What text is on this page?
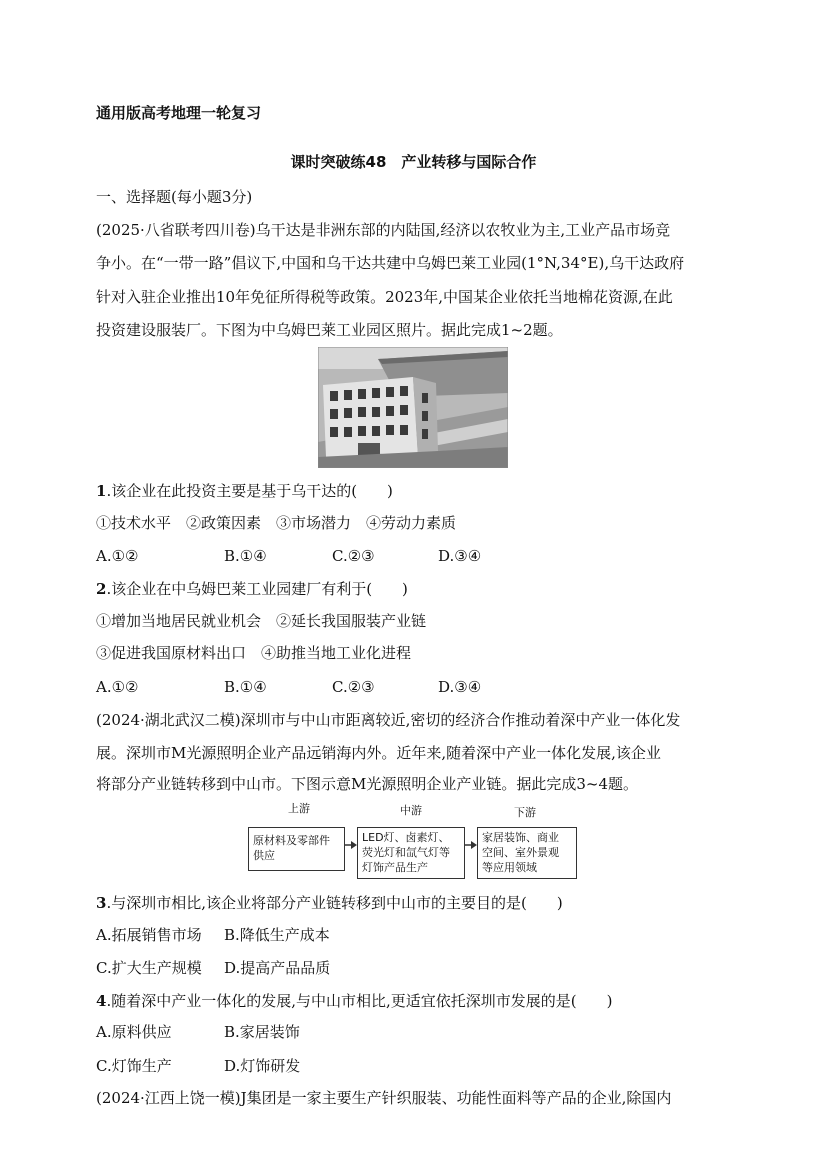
通用版高考地理一轮复习
课时突破练48　产业转移与国际合作
一、选择题(每小题3分)
(2025·八省联考四川卷)乌干达是非洲东部的内陆国,经济以农牧业为主,工业产品市场竞
争小。在“一带一路”倡议下,中国和乌干达共建中乌姆巴莱工业园(1°N,34°E),乌干达政府
针对入驻企业推出10年免征所得税等政策。2023年,中国某企业依托当地棉花资源,在此
投资建设服装厂。下图为中乌姆巴莱工业园区照片。据此完成1~2题。
1.该企业在此投资主要是基于乌干达的(　　)
①技术水平　②政策因素　③市场潜力　④劳动力素质
A.①②	B.①④	C.②③	D.③④
2.该企业在中乌姆巴莱工业园建厂有利于(　　)
①增加当地居民就业机会　②延长我国服装产业链
③促进我国原材料出口　④助推当地工业化进程
A.①②	B.①④	C.②③	D.③④
(2024·湖北武汉二模)深圳市与中山市距离较近,密切的经济合作推动着深中产业一体化发
展。深圳市M光源照明企业产品远销海内外。近年来,随着深中产业一体化发展,该企业
将部分产业链转移到中山市。下图示意M光源照明企业产业链。据此完成3~4题。
上游	中游	下游
原材料及零部件
供应
LED灯、卤素灯、
荧光灯和氙气灯等
灯饰产品生产
家居装饰、商业
空间、室外景观
等应用领域
3.与深圳市相比,该企业将部分产业链转移到中山市的主要目的是(　　)
A.拓展销售市场 B.降低生产成本
C.扩大生产规模 D.提高产品品质
4.随着深中产业一体化的发展,与中山市相比,更适宜依托深圳市发展的是(　　)
A.原料供应	B.家居装饰
C.灯饰生产	D.灯饰研发
(2024·江西上饶一模)J集团是一家主要生产针织服装、功能性面料等产品的企业,除国内
